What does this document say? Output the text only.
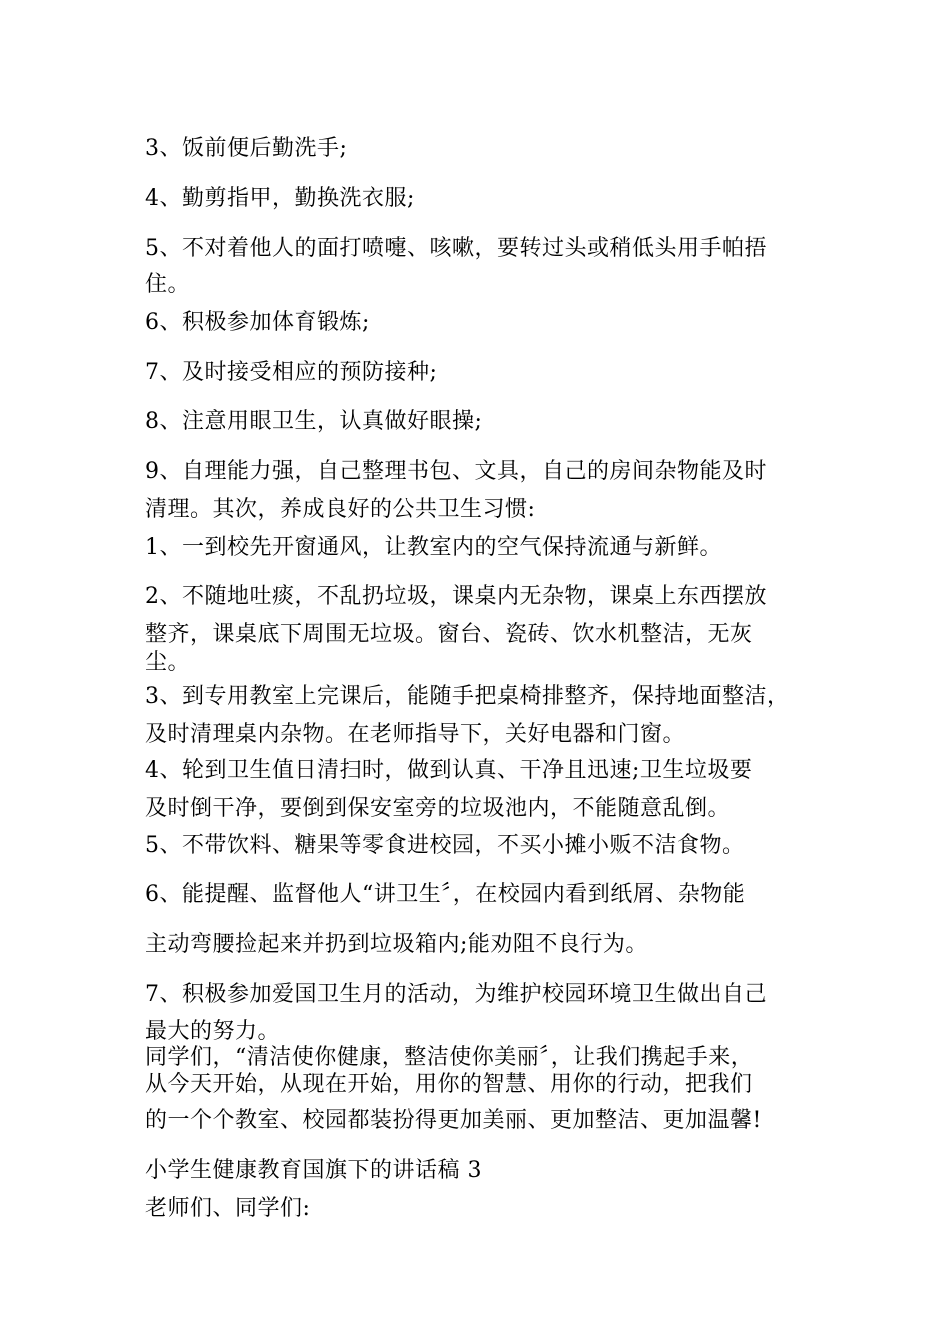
3、饭前便后勤洗手;
4、勤剪指甲，勤换洗衣服;
5、不对着他人的面打喷嚏、咳嗽，要转过头或稍低头用手帕捂
住。
6、积极参加体育锻炼;
7、及时接受相应的预防接种;
8、注意用眼卫生，认真做好眼操;
9、自理能力强，自己整理书包、文具，自己的房间杂物能及时
清理。其次，养成良好的公共卫生习惯:
1、一到校先开窗通风，让教室内的空气保持流通与新鲜。
2、不随地吐痰，不乱扔垃圾，课桌内无杂物，课桌上东西摆放
整齐，课桌底下周围无垃圾。窗台、瓷砖、饮水机整洁，无灰
尘。
3、到专用教室上完课后，能随手把桌椅排整齐，保持地面整洁，
及时清理桌内杂物。在老师指导下，关好电器和门窗。
4、轮到卫生值日清扫时，做到认真、干净且迅速;卫生垃圾要
及时倒干净，要倒到保安室旁的垃圾池内，不能随意乱倒。
5、不带饮料、糖果等零食进校园，不买小摊小贩不洁食物。
6、能提醒、监督他人“讲卫生〞，在校园内看到纸屑、杂物能
主动弯腰捡起来并扔到垃圾箱内;能劝阻不良行为。
7、积极参加爱国卫生月的活动，为维护校园环境卫生做出自己
最大的努力。
同学们，“清洁使你健康，整洁使你美丽〞，让我们携起手来，
从今天开始，从现在开始，用你的智慧、用你的行动，把我们
的一个个教室、校园都装扮得更加美丽、更加整洁、更加温馨!
小学生健康教育国旗下的讲话稿 3
老师们、同学们:
